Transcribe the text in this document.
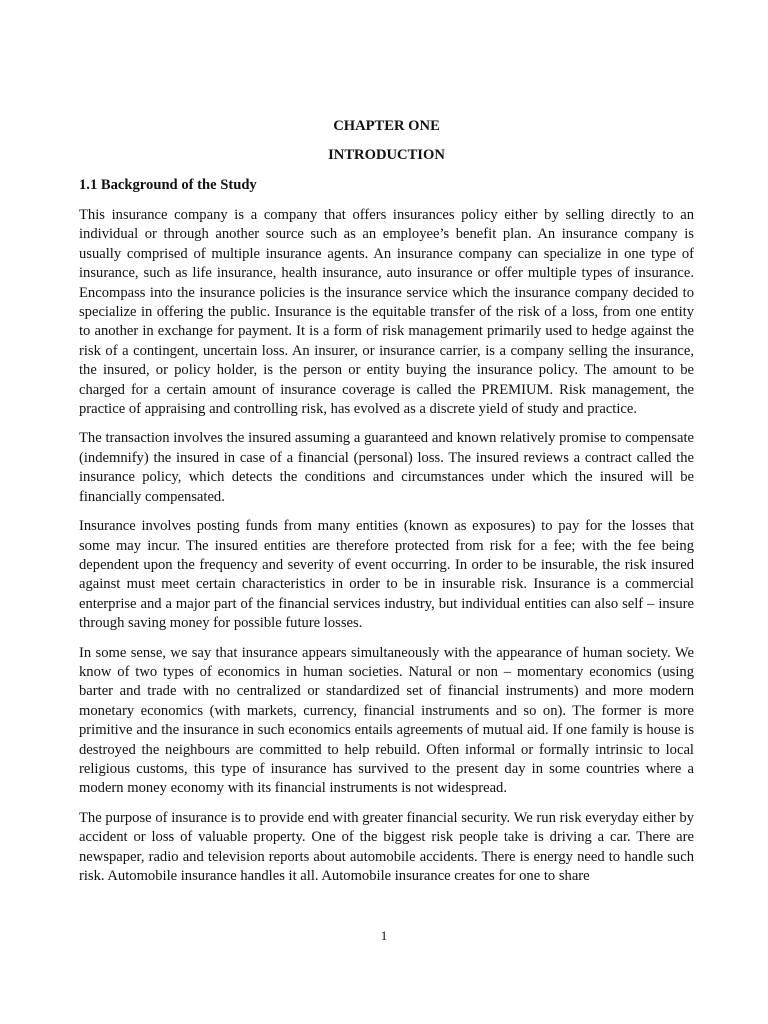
CHAPTER ONE
INTRODUCTION
1.1 Background of the Study

This insurance company is a company that offers insurances policy either by selling directly to an individual or through another source such as an employee’s benefit plan. An insurance company is usually comprised of multiple insurance agents. An insurance company can specialize in one type of insurance, such as life insurance, health insurance, auto insurance or offer multiple types of insurance. Encompass into the insurance policies is the insurance service which the insurance company decided to specialize in offering the public. Insurance is the equitable transfer of the risk of a loss, from one entity to another in exchange for payment. It is a form of risk management primarily used to hedge against the risk of a contingent, uncertain loss. An insurer, or insurance carrier, is a company selling the insurance, the insured, or policy holder, is the person or entity buying the insurance policy. The amount to be charged for a certain amount of insurance coverage is called the PREMIUM. Risk management, the practice of appraising and controlling risk, has evolved as a discrete yield of study and practice.

The transaction involves the insured assuming a guaranteed and known relatively promise to compensate (indemnify) the insured in case of a financial (personal) loss. The insured reviews a contract called the insurance policy, which detects the conditions and circumstances under which the insured will be financially compensated.

Insurance involves posting funds from many entities (known as exposures) to pay for the losses that some may incur. The insured entities are therefore protected from risk for a fee; with the fee being dependent upon the frequency and severity of event occurring. In order to be insurable, the risk insured against must meet certain characteristics in order to be in insurable risk. Insurance is a commercial enterprise and a major part of the financial services industry, but individual entities can also self – insure through saving money for possible future losses.

In some sense, we say that insurance appears simultaneously with the appearance of human society. We know of two types of economics in human societies. Natural or non – momentary economics (using barter and trade with no centralized or standardized set of financial instruments) and more modern monetary economics (with markets, currency, financial instruments and so on). The former is more primitive and the insurance in such economics entails agreements of mutual aid. If one family is house is destroyed the neighbours are committed to help rebuild. Often informal or formally intrinsic to local religious customs, this type of insurance has survived to the present day in some countries where a modern money economy with its financial instruments is not widespread.

The purpose of insurance is to provide end with greater financial security. We run risk everyday either by accident or loss of valuable property. One of the biggest risk people take is driving a car. There are newspaper, radio and television reports about automobile accidents. There is energy need to handle such risk. Automobile insurance handles it all. Automobile insurance creates for one to share

1
